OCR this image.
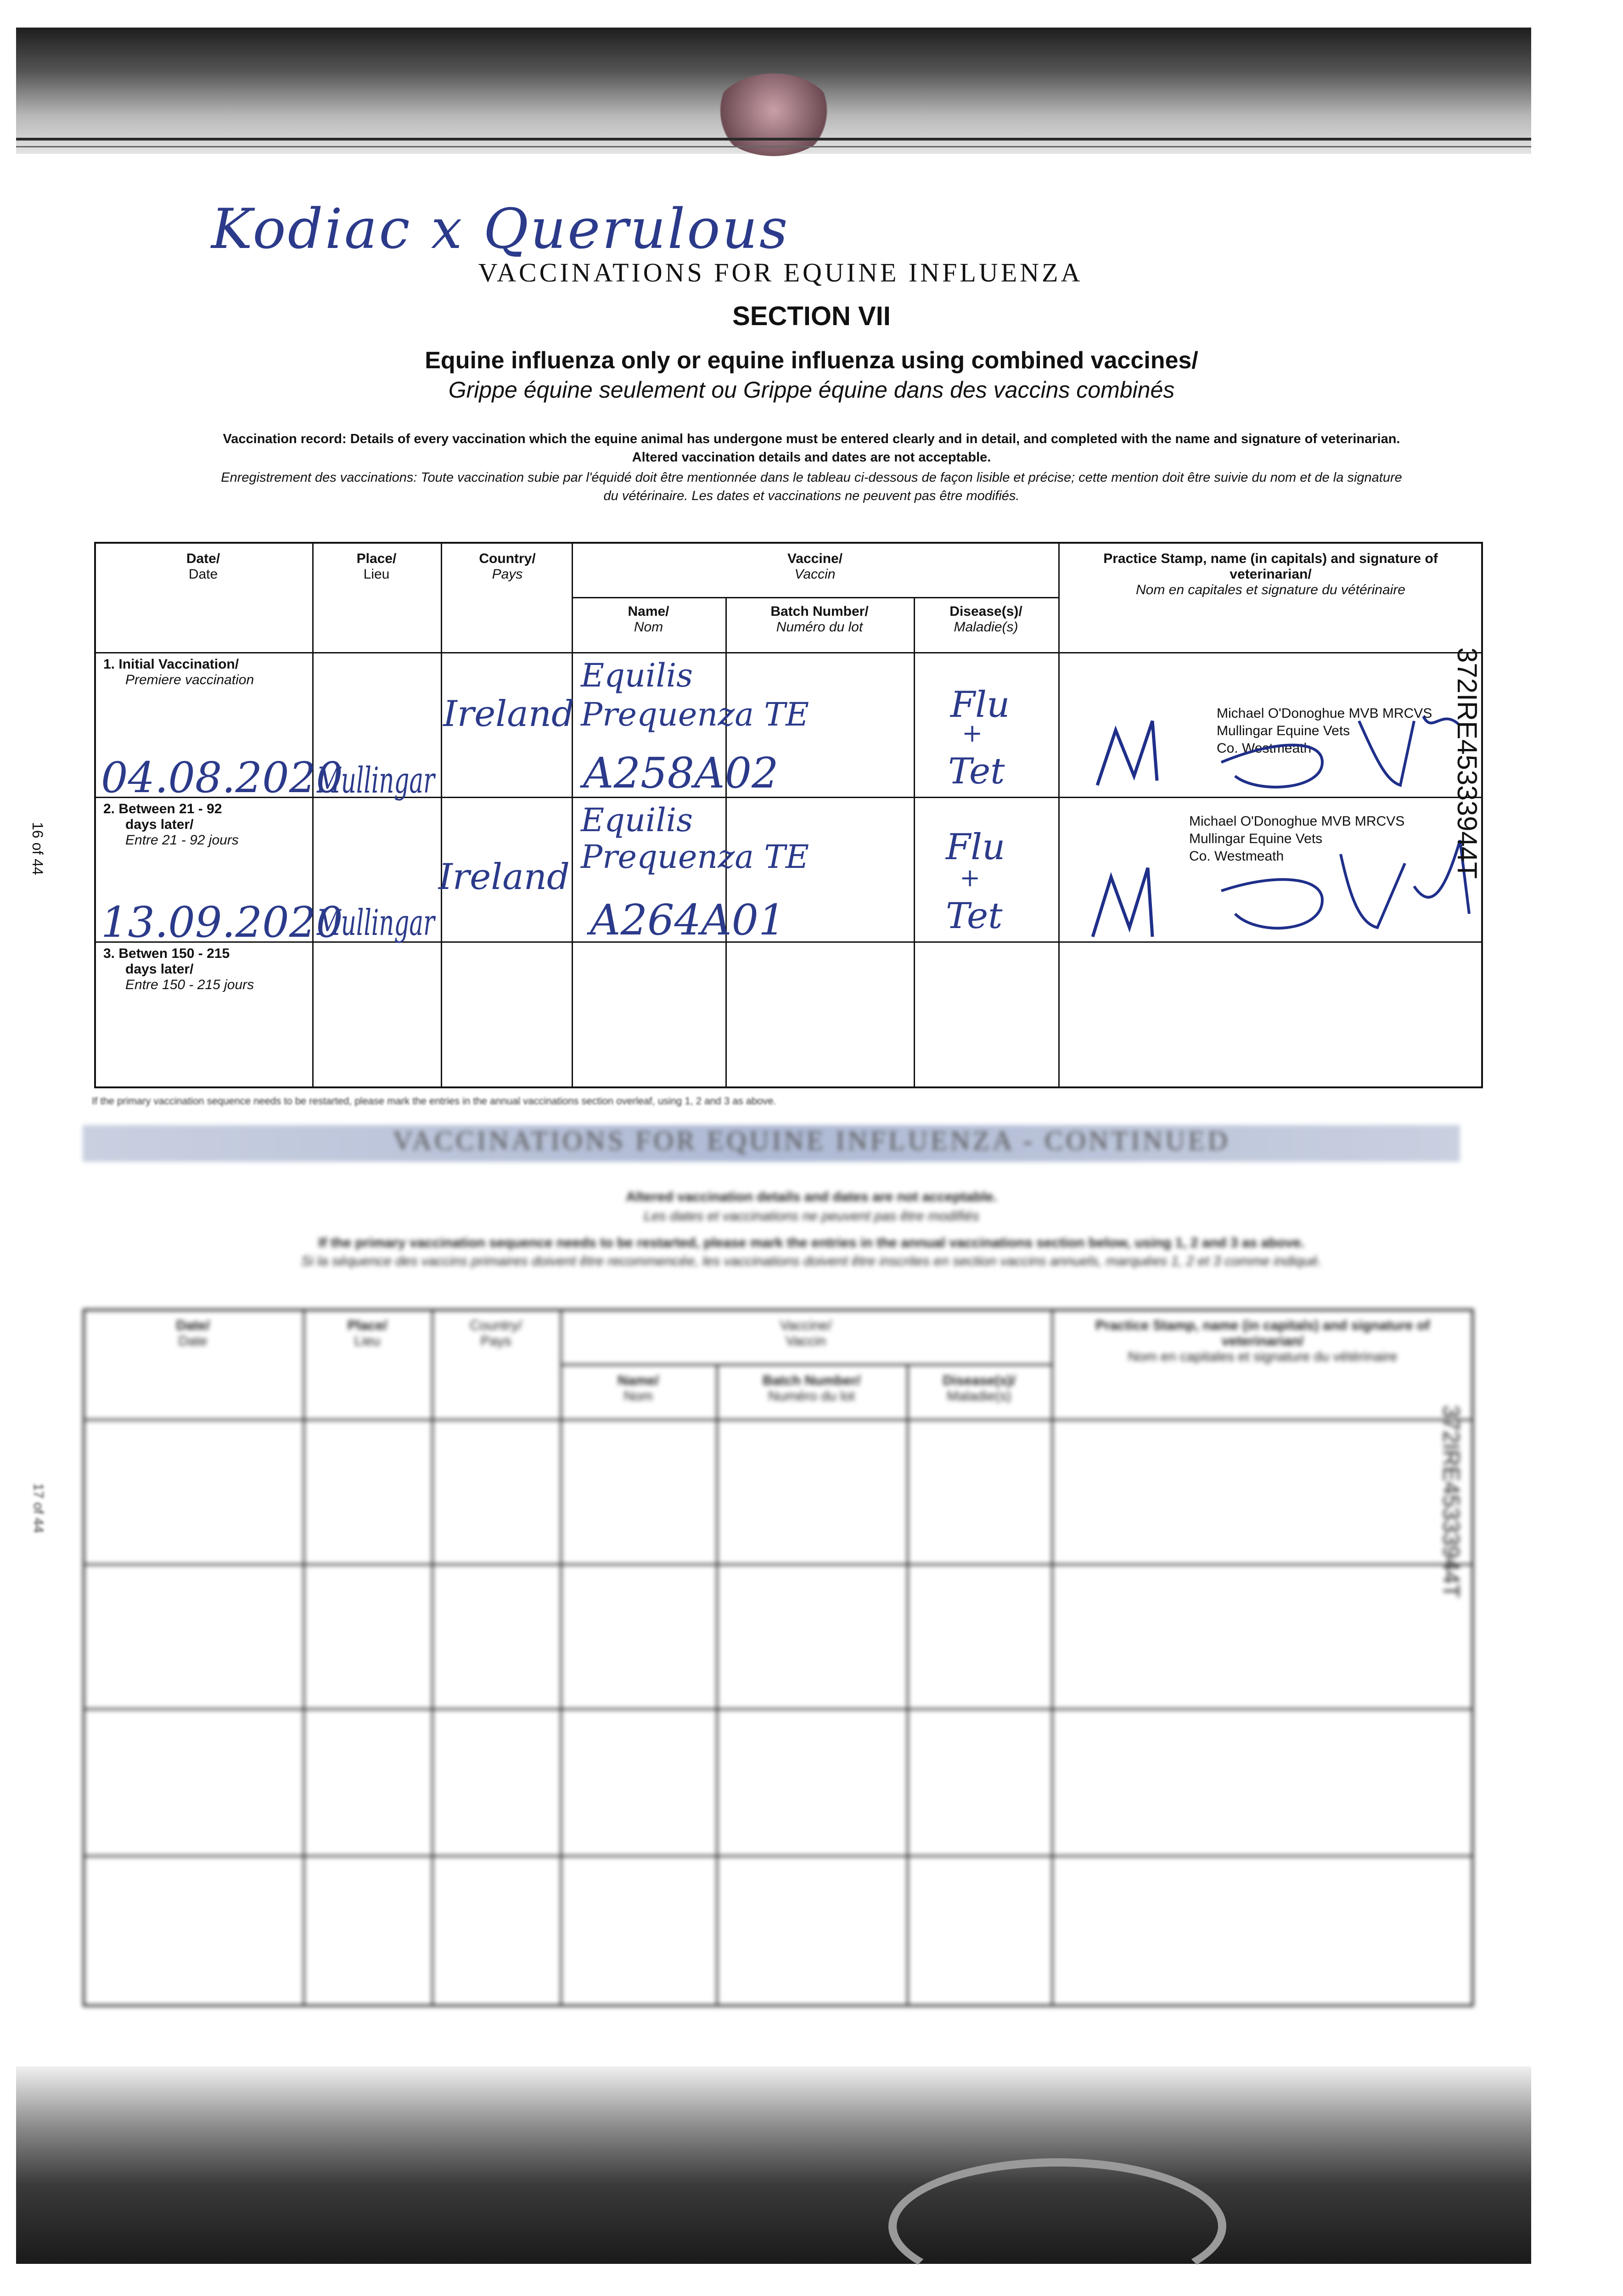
Kodiac x Querulous
VACCINATIONS FOR EQUINE INFLUENZA
SECTION VII
Equine influenza only or equine influenza using combined vaccines/
Grippe équine seulement ou Grippe équine dans des vaccins combinés
Vaccination record: Details of every vaccination which the equine animal has undergone must be entered clearly and in detail, and completed with the name and signature of veterinarian.
Altered vaccination details and dates are not acceptable.
Enregistrement des vaccinations: Toute vaccination subie par l'équidé doit être mentionnée dans le tableau ci-dessous de façon lisible et précise; cette mention doit être suivie du nom et de la signature
du vétérinaire. Les dates et vaccinations ne peuvent pas être modifiés.
Date/
Date
Place/
Lieu
Country/
Pays
Vaccine/
Vaccin
Name/
Nom
Batch Number/
Numéro du lot
Disease(s)/
Maladie(s)
Practice Stamp, name (in capitals) and signature of
veterinarian/
Nom en capitales et signature du vétérinaire
1. Initial Vaccination/
Premiere vaccination
2. Between 21 - 92
days later/
Entre 21 - 92 jours
3. Betwen 150 - 215
days later/
Entre 150 - 215 jours
04.08.2020
Mullingar
Ireland
Equilis
Prequenza TE
A258A02
Flu
+
Tet
Michael O'Donoghue MVB MRCVS
Mullingar Equine Vets
Co. Westmeath
13.09.2020
Mullingar
Ireland
Equilis
Prequenza TE
A264A01
Flu
+
Tet
Michael O'Donoghue MVB MRCVS
Mullingar Equine Vets
Co. Westmeath	372IRE45333944T
16 of 44
If the primary vaccination sequence needs to be restarted, please mark the entries in the annual vaccinations section overleaf, using 1, 2 and 3 as above.
VACCINATIONS FOR EQUINE INFLUENZA - CONTINUED
Altered vaccination details and dates are not acceptable.
Les dates et vaccinations ne peuvent pas être modifiés
If the primary vaccination sequence needs to be restarted, please mark the entries in the annual vaccinations section below, using 1, 2 and 3 as above.
Si la séquence des vaccins primaires doivent être recommencée, les vaccinations doivent être inscrites en section vaccins annuels, marquées 1, 2 et 3 comme indiqué.
Date/
Date
Place/
Lieu
Country/
Pays
Vaccine/
Vaccin
Name/
Nom
Batch Number/
Numéro du lot
Disease(s)/
Maladie(s)
Practice Stamp, name (in capitals) and signature of
veterinarian/
Nom en capitales et signature du vétérinaire
372IRE45333944T
17 of 44
